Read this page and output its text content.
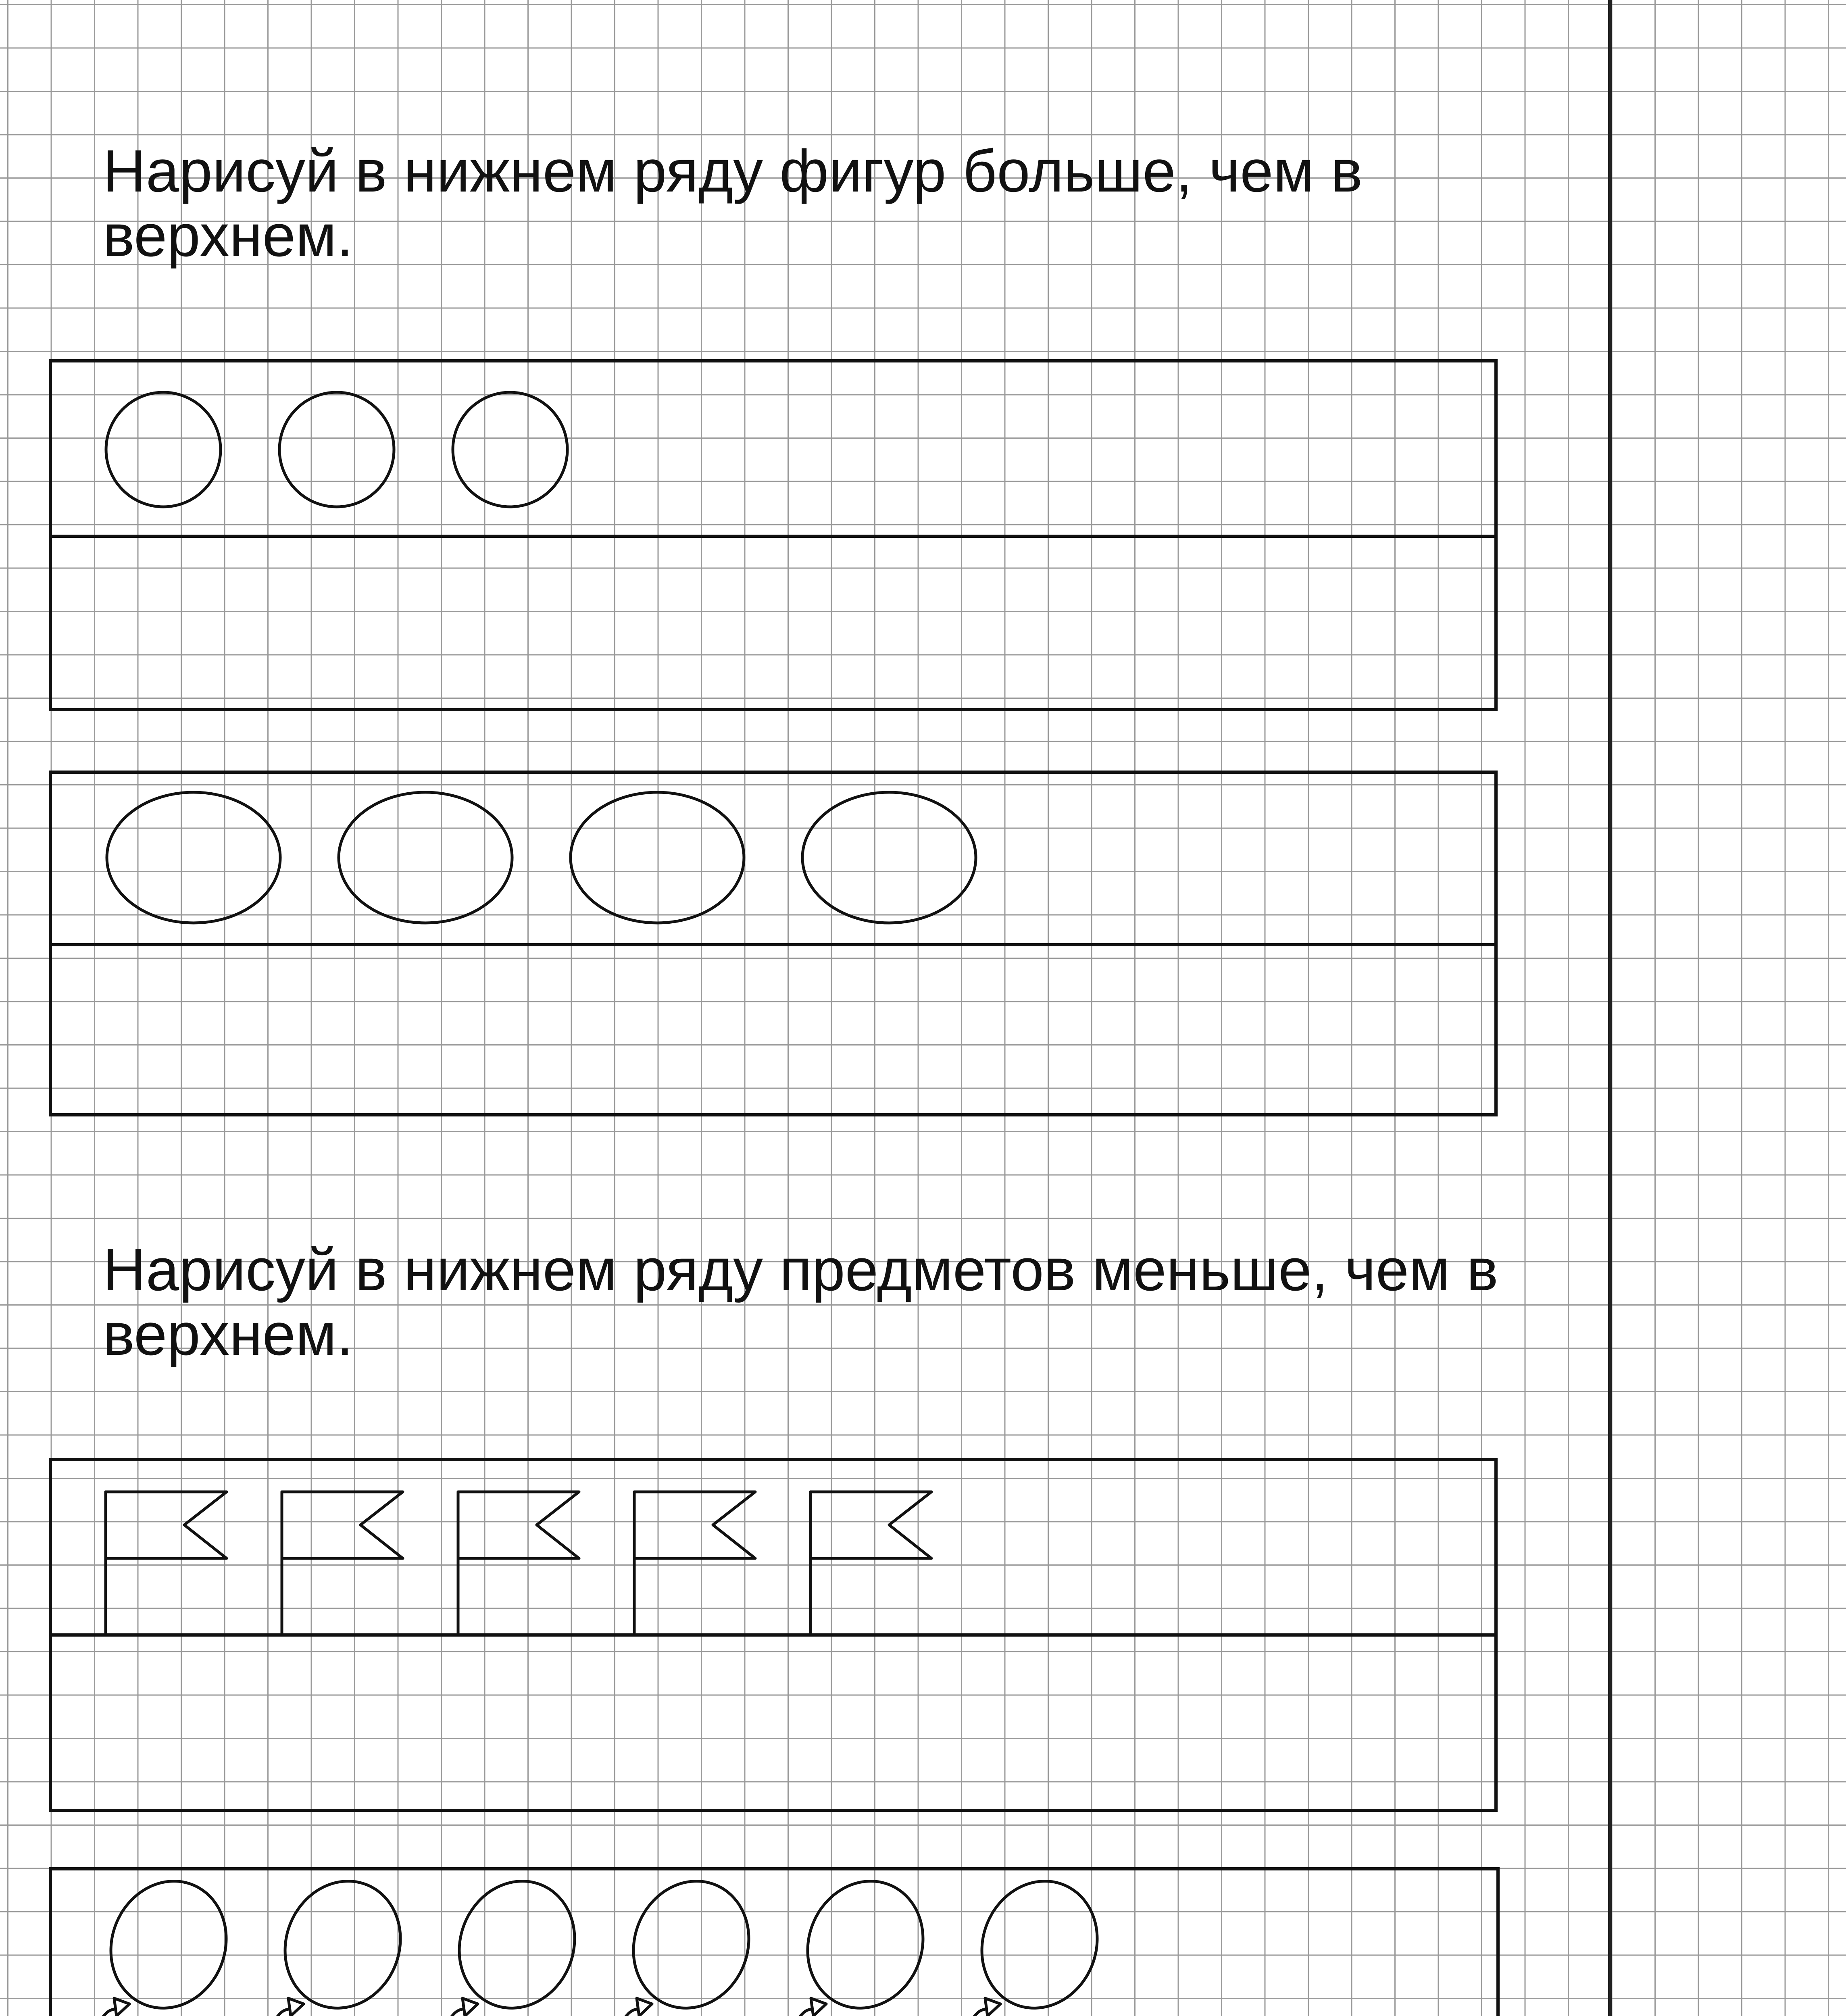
Нарисуй в нижнем ряду фигур больше, чем в верхнем.
Нарисуй в нижнем ряду предметов меньше, чем в верхнем.
